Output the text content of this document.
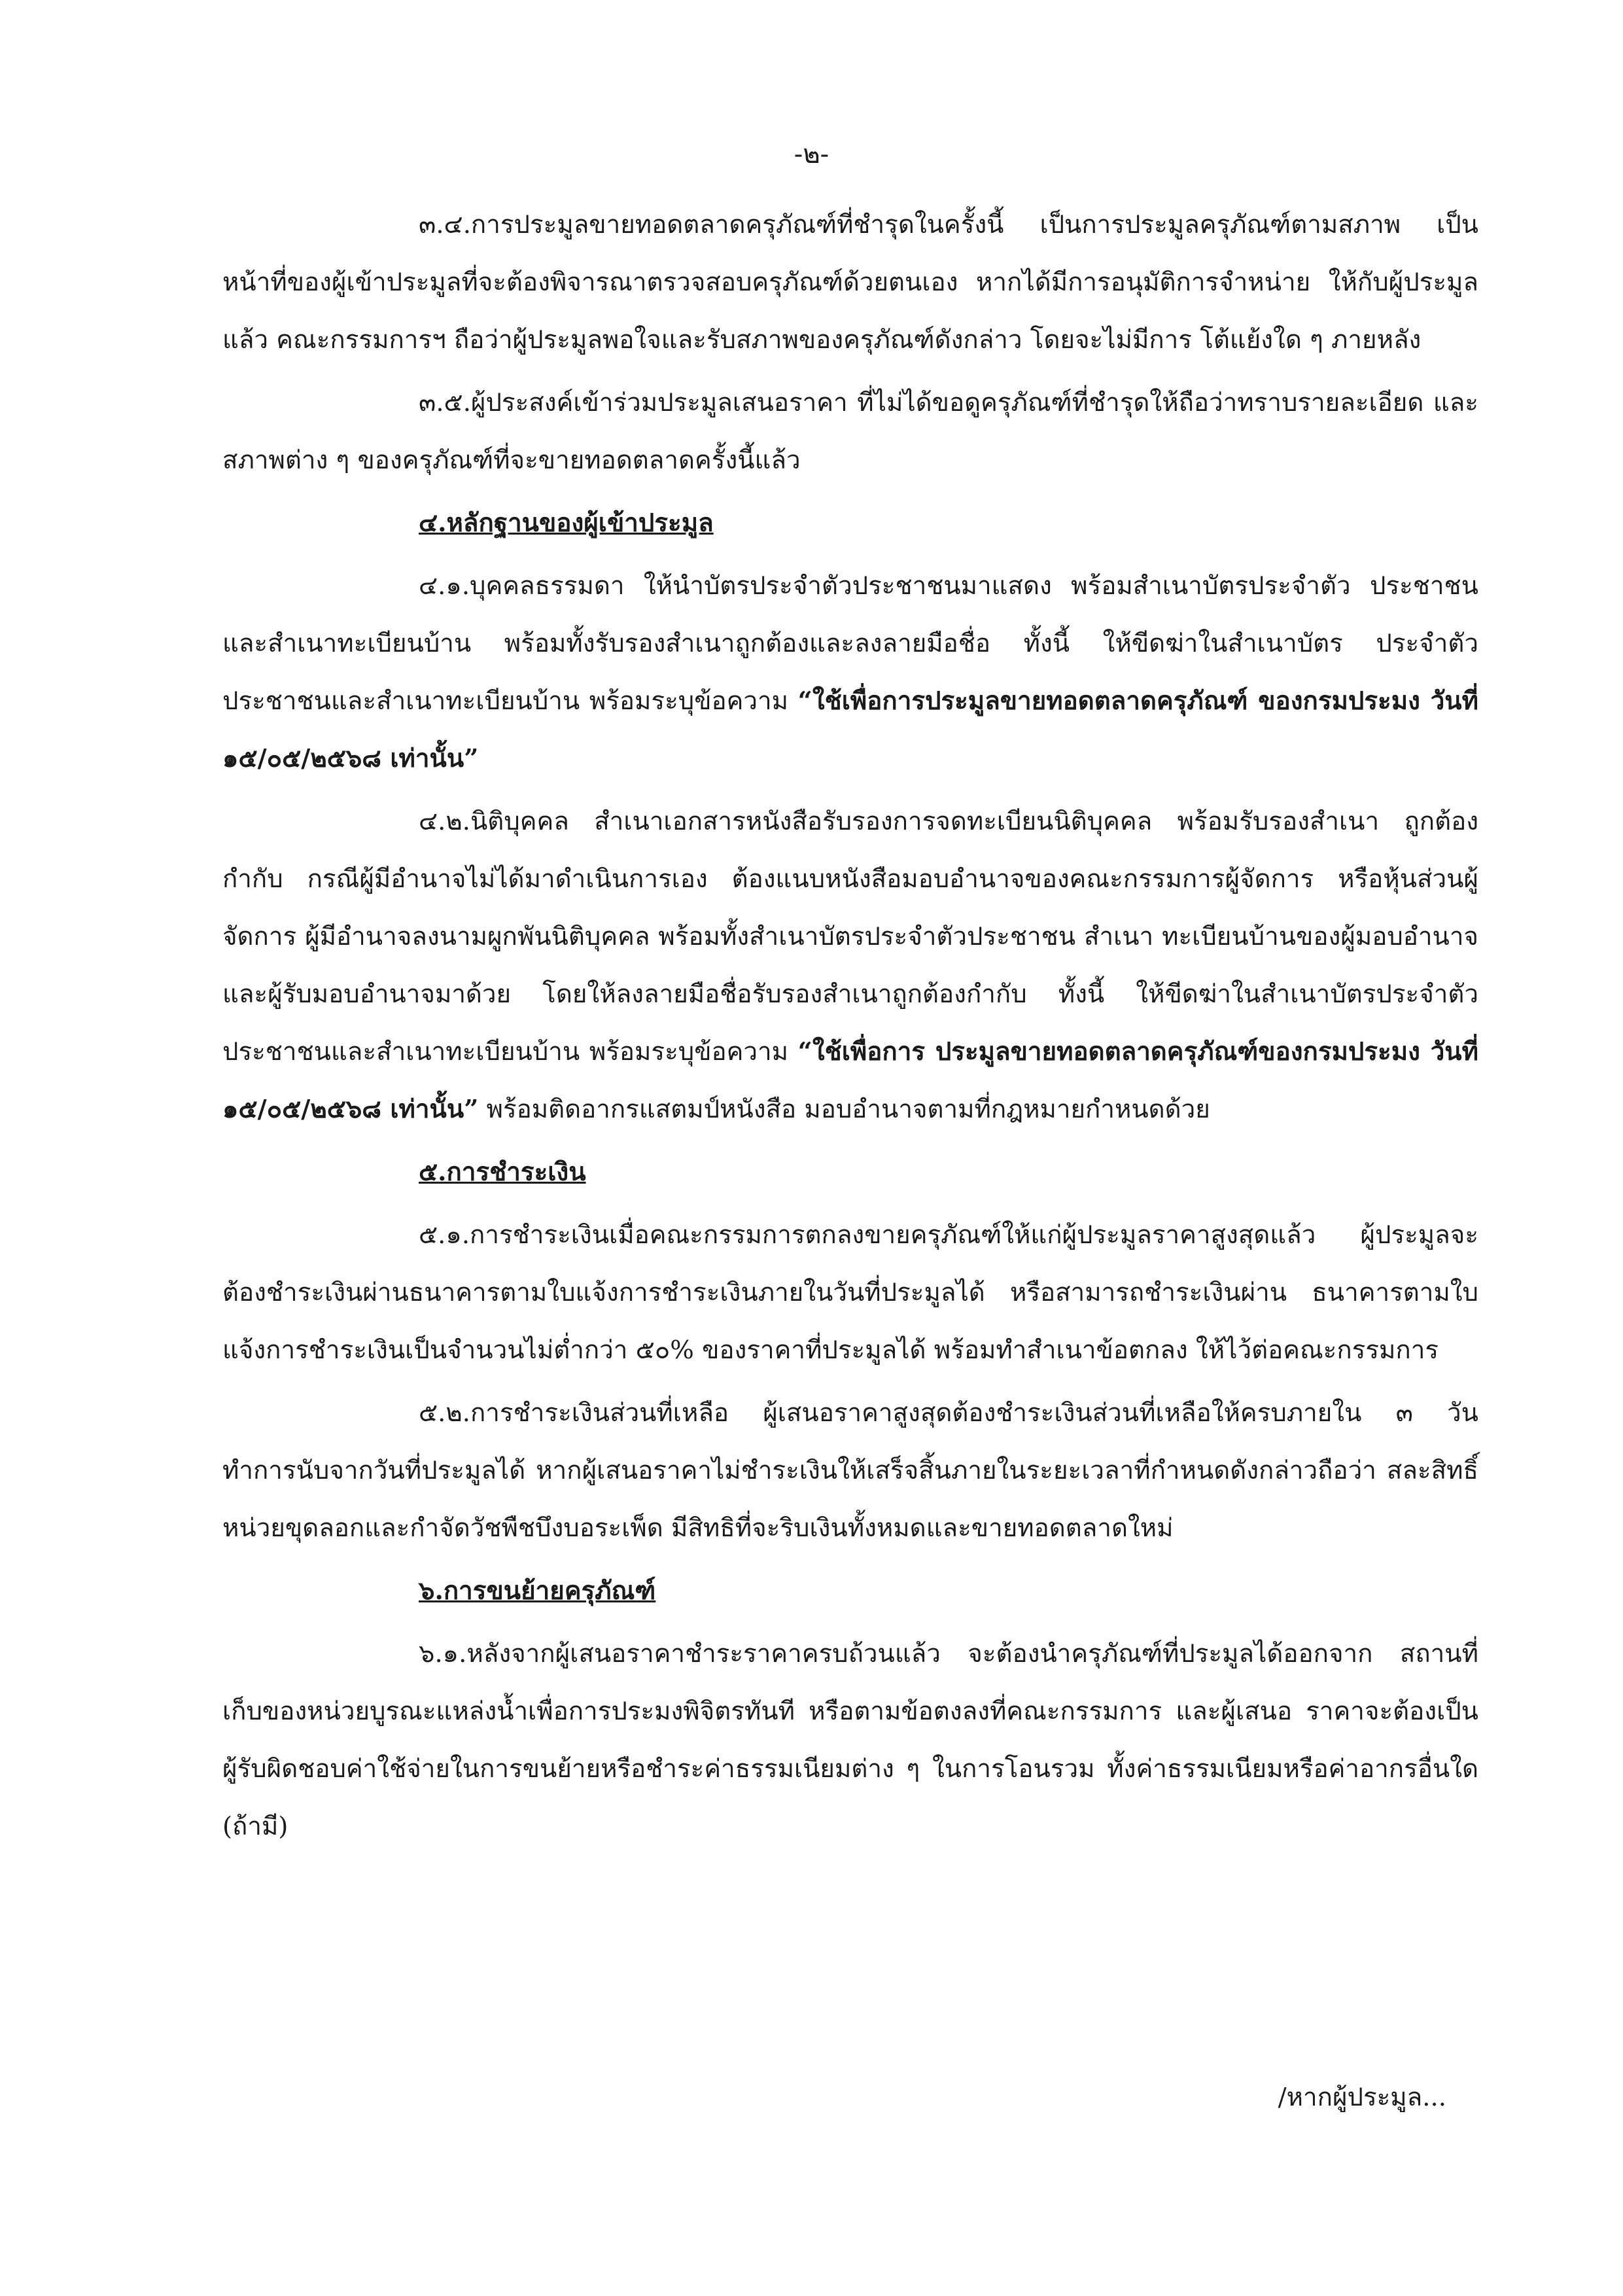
-๒-

๓.๔.การประมูลขายทอดตลาดครุภัณฑ์ที่ชำรุดในครั้งนี้ เป็นการประมูลครุภัณฑ์ตามสภาพ เป็นหน้าที่ของผู้เข้าประมูลที่จะต้องพิจารณาตรวจสอบครุภัณฑ์ด้วยตนเอง หากได้มีการอนุมัติการจำหน่าย ให้กับผู้ประมูลแล้ว คณะกรรมการฯ ถือว่าผู้ประมูลพอใจและรับสภาพของครุภัณฑ์ดังกล่าว โดยจะไม่มีการ โต้แย้งใด ๆ ภายหลัง

๓.๕.ผู้ประสงค์เข้าร่วมประมูลเสนอราคา ที่ไม่ได้ขอดูครุภัณฑ์ที่ชำรุดให้ถือว่าทราบรายละเอียด และสภาพต่าง ๆ ของครุภัณฑ์ที่จะขายทอดตลาดครั้งนี้แล้ว

๔.หลักฐานของผู้เข้าประมูล

๔.๑.บุคคลธรรมดา ให้นำบัตรประจำตัวประชาชนมาแสดง พร้อมสำเนาบัตรประจำตัว ประชาชนและสำเนาทะเบียนบ้าน พร้อมทั้งรับรองสำเนาถูกต้องและลงลายมือชื่อ ทั้งนี้ ให้ขีดฆ่าในสำเนาบัตร ประจำตัวประชาชนและสำเนาทะเบียนบ้าน พร้อมระบุข้อความ “ใช้เพื่อการประมูลขายทอดตลาดครุภัณฑ์ ของกรมประมง วันที่ ๑๕/๐๕/๒๕๖๘ เท่านั้น”

๔.๒.นิติบุคคล สำเนาเอกสารหนังสือรับรองการจดทะเบียนนิติบุคคล พร้อมรับรองสำเนา ถูกต้องกำกับ กรณีผู้มีอำนาจไม่ได้มาดำเนินการเอง ต้องแนบหนังสือมอบอำนาจของคณะกรรมการผู้จัดการ หรือหุ้นส่วนผู้จัดการ ผู้มีอำนาจลงนามผูกพันนิติบุคคล พร้อมทั้งสำเนาบัตรประจำตัวประชาชน สำเนา ทะเบียนบ้านของผู้มอบอำนาจ และผู้รับมอบอำนาจมาด้วย โดยให้ลงลายมือชื่อรับรองสำเนาถูกต้องกำกับ ทั้งนี้ ให้ขีดฆ่าในสำเนาบัตรประจำตัวประชาชนและสำเนาทะเบียนบ้าน พร้อมระบุข้อความ “ใช้เพื่อการ ประมูลขายทอดตลาดครุภัณฑ์ของกรมประมง วันที่ ๑๕/๐๕/๒๕๖๘ เท่านั้น” พร้อมติดอากรแสตมป์หนังสือ มอบอำนาจตามที่กฎหมายกำหนดด้วย

๕.การชำระเงิน

๕.๑.การชำระเงินเมื่อคณะกรรมการตกลงขายครุภัณฑ์ให้แก่ผู้ประมูลราคาสูงสุดแล้ว ผู้ประมูลจะต้องชำระเงินผ่านธนาคารตามใบแจ้งการชำระเงินภายในวันที่ประมูลได้ หรือสามารถชำระเงินผ่าน ธนาคารตามใบแจ้งการชำระเงินเป็นจำนวนไม่ต่ำกว่า ๕๐% ของราคาที่ประมูลได้ พร้อมทำสำเนาข้อตกลง ให้ไว้ต่อคณะกรรมการ

๕.๒.การชำระเงินส่วนที่เหลือ ผู้เสนอราคาสูงสุดต้องชำระเงินส่วนที่เหลือให้ครบภายใน ๓ วัน ทำการนับจากวันที่ประมูลได้ หากผู้เสนอราคาไม่ชำระเงินให้เสร็จสิ้นภายในระยะเวลาที่กำหนดดังกล่าวถือว่า สละสิทธิ์ หน่วยขุดลอกและกำจัดวัชพืชบึงบอระเพ็ด มีสิทธิที่จะริบเงินทั้งหมดและขายทอดตลาดใหม่

๖.การขนย้ายครุภัณฑ์

๖.๑.หลังจากผู้เสนอราคาชำระราคาครบถ้วนแล้ว จะต้องนำครุภัณฑ์ที่ประมูลได้ออกจาก สถานที่เก็บของหน่วยบูรณะแหล่งน้ำเพื่อการประมงพิจิตรทันที หรือตามข้อตงลงที่คณะกรรมการ และผู้เสนอ ราคาจะต้องเป็นผู้รับผิดชอบค่าใช้จ่ายในการขนย้ายหรือชำระค่าธรรมเนียมต่าง ๆ ในการโอนรวม ทั้งค่าธรรมเนียมหรือค่าอากรอื่นใด (ถ้ามี)

/หากผู้ประมูล...
